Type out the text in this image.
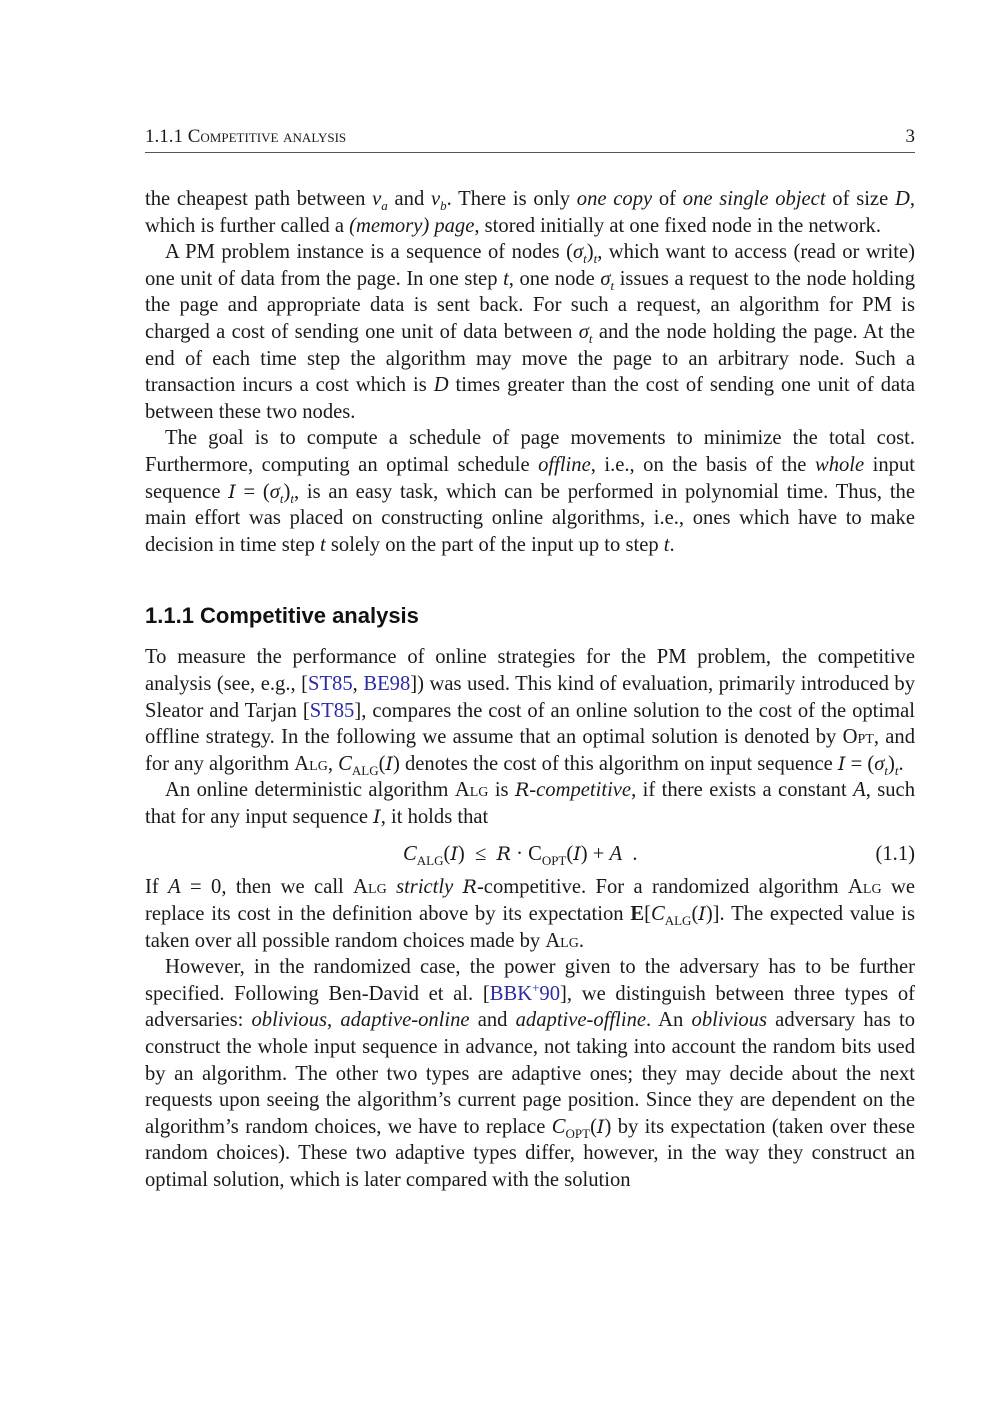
1.1.1 Competitive analysis	3

the cheapest path between $v_a$ and $v_b$. There is only one copy of one single object of size D, which is further called a (memory) page, stored initially at one fixed node in the network.

A PM problem instance is a sequence of nodes $(\sigma_t)_t$, which want to access (read or write) one unit of data from the page. In one step t, one node $\sigma_t$ issues a request to the node holding the page and appropriate data is sent back. For such a request, an algorithm for PM is charged a cost of sending one unit of data between $\sigma_t$ and the node holding the page. At the end of each time step the algorithm may move the page to an arbitrary node. Such a transaction incurs a cost which is D times greater than the cost of sending one unit of data between these two nodes.

The goal is to compute a schedule of page movements to minimize the total cost. Furthermore, computing an optimal schedule offline, i.e., on the basis of the whole input sequence $I = (\sigma_t)_t$, is an easy task, which can be performed in polynomial time. Thus, the main effort was placed on constructing online algorithms, i.e., ones which have to make decision in time step t solely on the part of the input up to step t.

1.1.1 Competitive analysis

To measure the performance of online strategies for the PM problem, the competitive analysis (see, e.g., [ST85, BE98]) was used. This kind of evaluation, primarily introduced by Sleator and Tarjan [ST85], compares the cost of an online solution to the cost of the optimal offline strategy. In the following we assume that an optimal solution is denoted by Opt, and for any algorithm Alg, $C_{ALG}(I)$ denotes the cost of this algorithm on input sequence $I = (\sigma_t)_t$.

An online deterministic algorithm Alg is R-competitive, if there exists a constant A, such that for any input sequence I, it holds that

$C_{ALG}(I) \le R \cdot C_{OPT}(I) + A$  .	(1.1)

If A = 0, then we call Alg strictly R-competitive. For a randomized algorithm Alg we replace its cost in the definition above by its expectation $E[C_{ALG}(I)]$. The expected value is taken over all possible random choices made by Alg.

However, in the randomized case, the power given to the adversary has to be further specified. Following Ben-David et al. [BBK+90], we distinguish between three types of adversaries: oblivious, adaptive-online and adaptive-offline. An oblivious adversary has to construct the whole input sequence in advance, not taking into account the random bits used by an algorithm. The other two types are adaptive ones; they may decide about the next requests upon seeing the algorithm’s current page position. Since they are dependent on the algorithm’s random choices, we have to replace $C_{OPT}(I)$ by its expectation (taken over these random choices). These two adaptive types differ, however, in the way they construct an optimal solution, which is later compared with the solution
